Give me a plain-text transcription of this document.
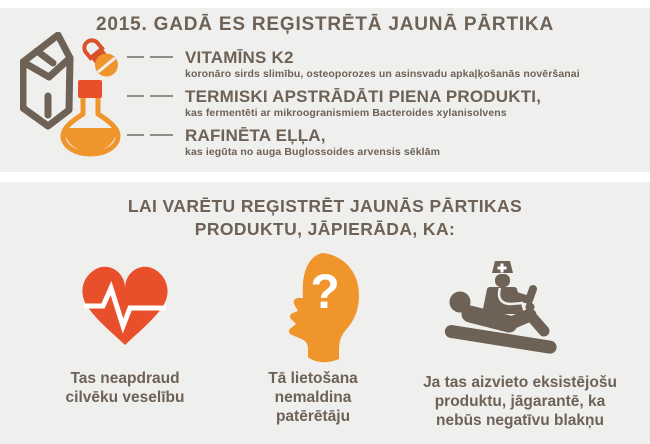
2015. GADĀ ES REĢISTRĒTĀ JAUNĀ PĀRTIKA
VITAMĪNS K2
koronāro sirds slimību, osteoporozes un asinsvadu apkaļķošanās novēršanai
TERMISKI APSTRĀDĀTI PIENA PRODUKTI,
kas fermentēti ar mikroogranismiem Bacteroides xylanisolvens
RAFINĒTA EĻĻA,
kas iegūta no auga Buglossoides arvensis sēklām
LAI VARĒTU REĢISTRĒT JAUNĀS PĀRTIKAS
PRODUKTU, JĀPIERĀDA, KA:
?
Tas neapdraud
cilvēku veselību
Tā lietošana
nemaldina
patērētāju
Ja tas aizvieto eksistējošu
produktu, jāgarantē, ka
nebūs negatīvu blakņu
